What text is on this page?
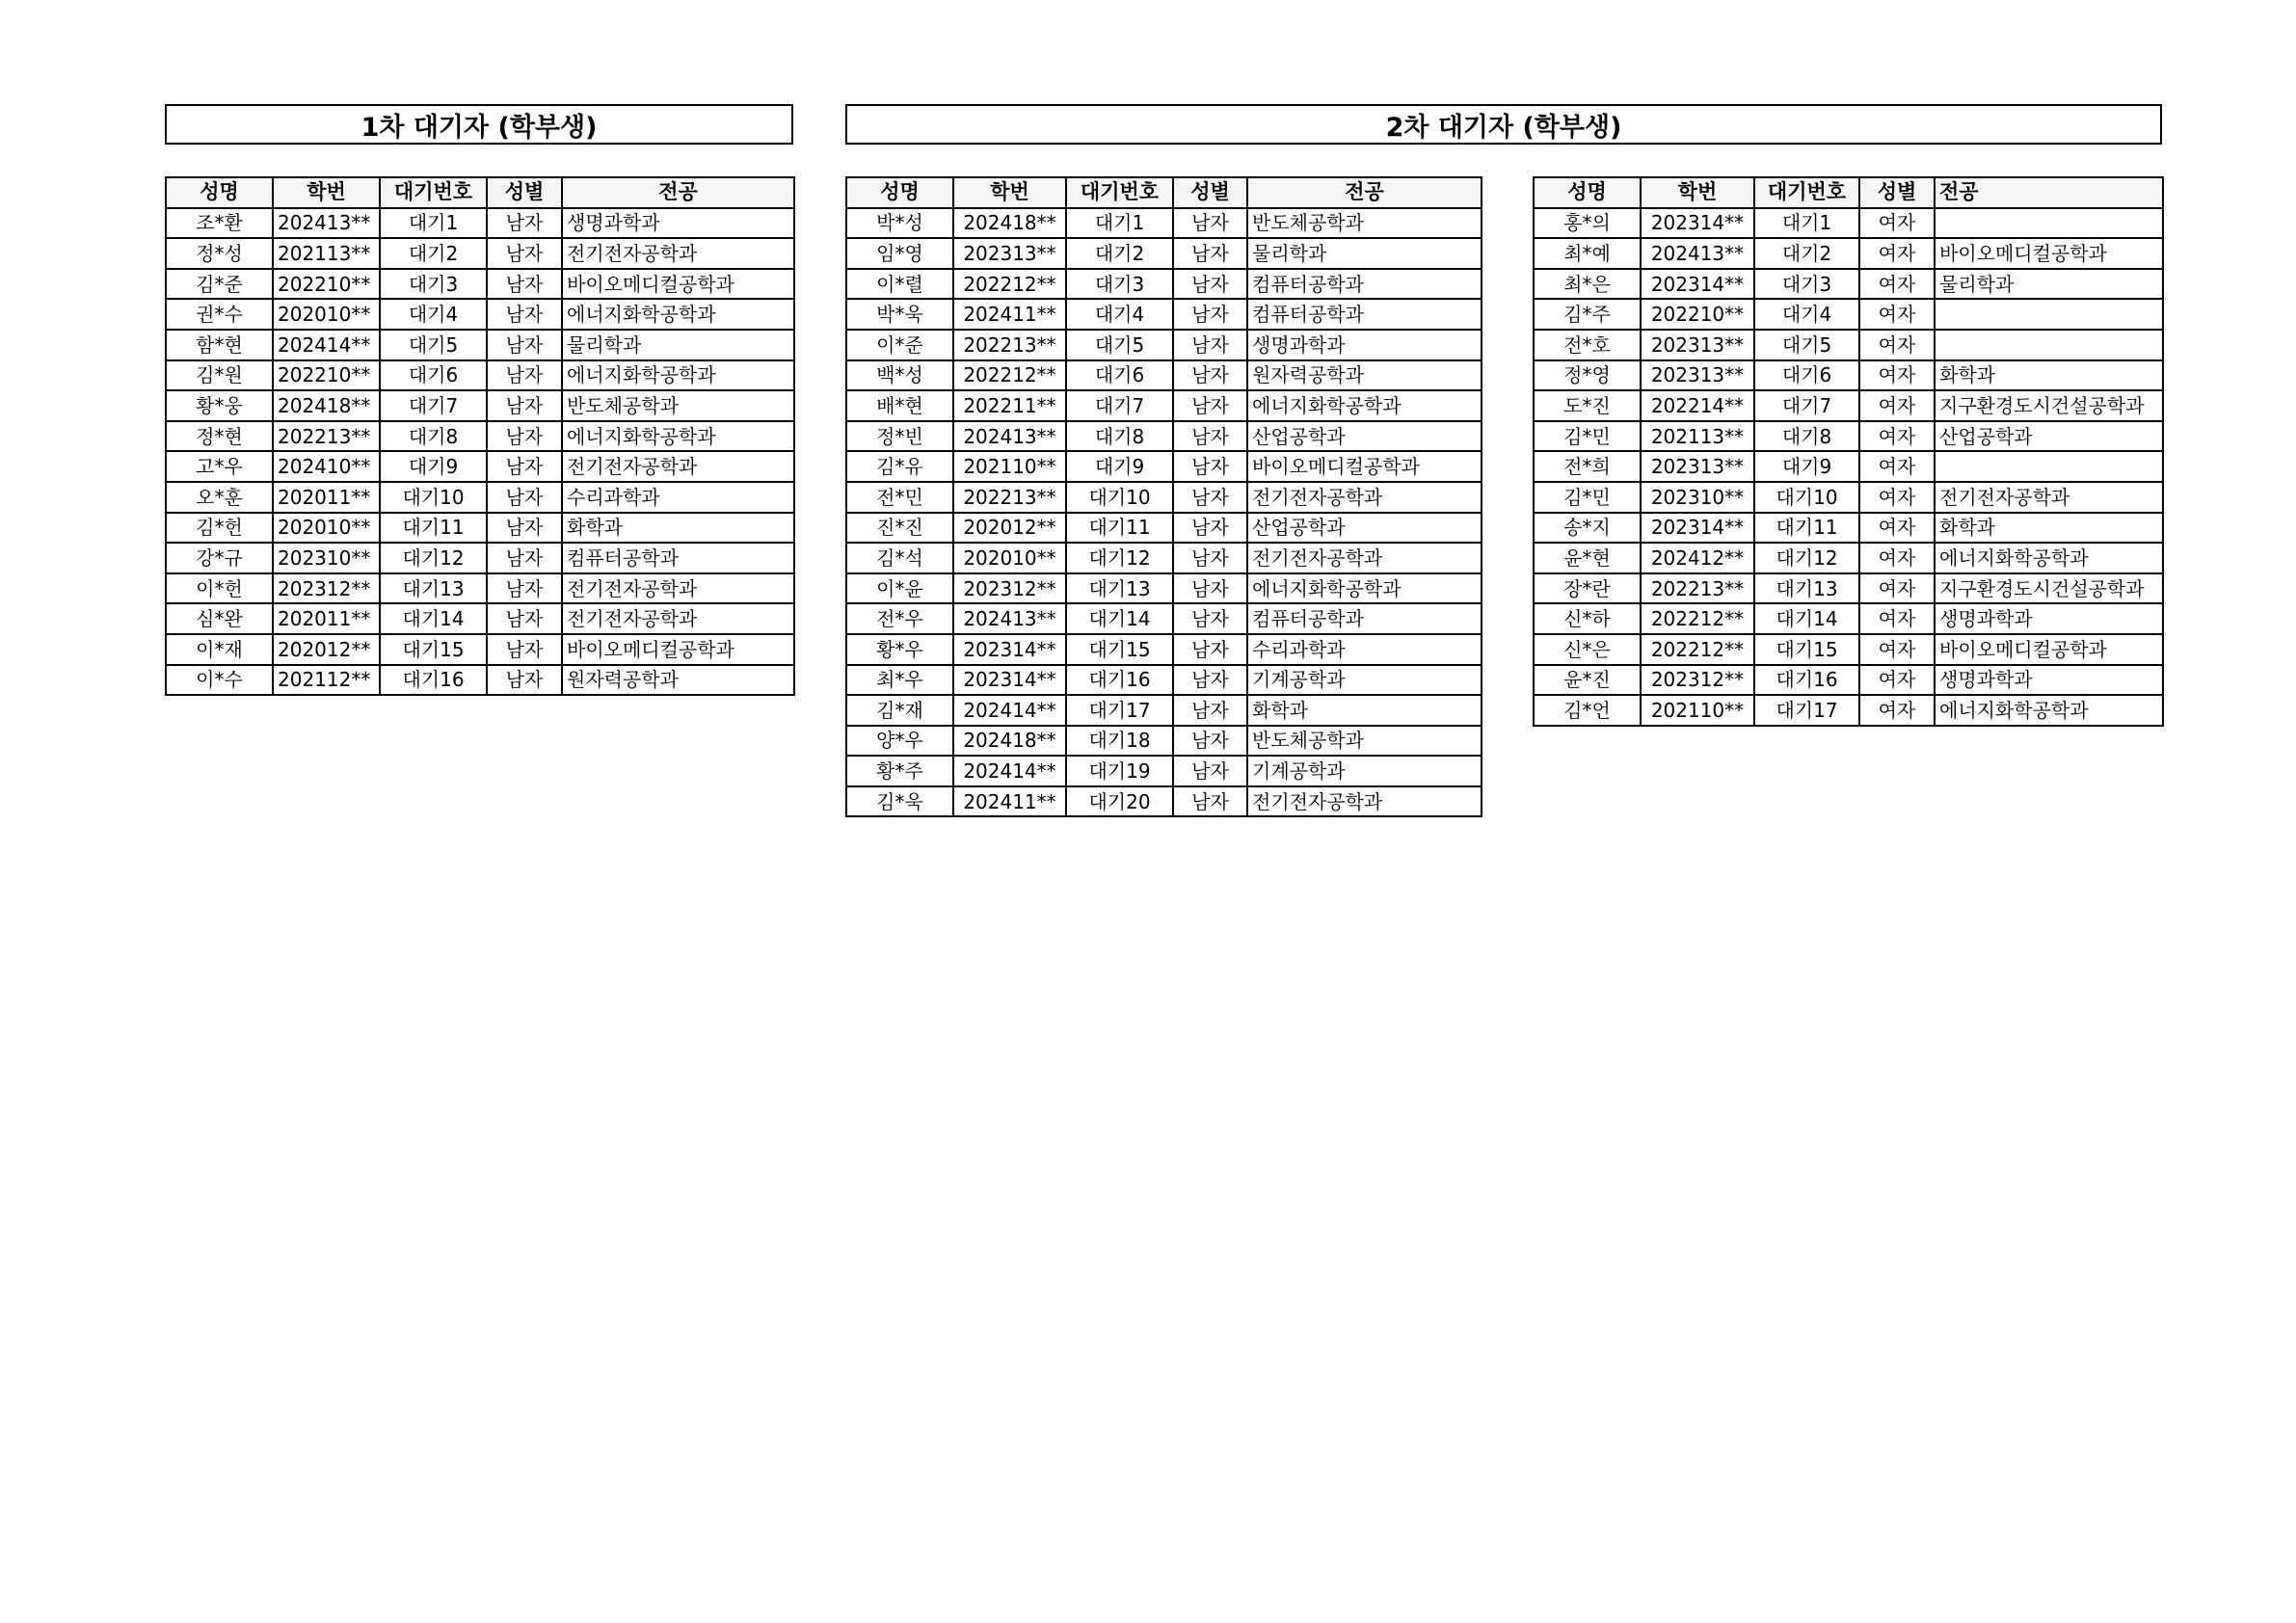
1차 대기자 (학부생)	2차 대기자 (학부생)
성명	학번	대기번호	성별	전공
조*환	202413**	대기1	남자	생명과학과
정*성	202113**	대기2	남자	전기전자공학과
김*준	202210**	대기3	남자	바이오메디컬공학과
권*수	202010**	대기4	남자	에너지화학공학과
함*현	202414**	대기5	남자	물리학과
김*원	202210**	대기6	남자	에너지화학공학과
황*웅	202418**	대기7	남자	반도체공학과
정*현	202213**	대기8	남자	에너지화학공학과
고*우	202410**	대기9	남자	전기전자공학과
오*훈	202011**	대기10	남자	수리과학과
김*헌	202010**	대기11	남자	화학과
강*규	202310**	대기12	남자	컴퓨터공학과
이*헌	202312**	대기13	남자	전기전자공학과
심*완	202011**	대기14	남자	전기전자공학과
이*재	202012**	대기15	남자	바이오메디컬공학과
이*수	202112**	대기16	남자	원자력공학과
성명	학번	대기번호	성별	전공
박*성	202418**	대기1	남자	반도체공학과
임*영	202313**	대기2	남자	물리학과
이*렬	202212**	대기3	남자	컴퓨터공학과
박*욱	202411**	대기4	남자	컴퓨터공학과
이*준	202213**	대기5	남자	생명과학과
백*성	202212**	대기6	남자	원자력공학과
배*현	202211**	대기7	남자	에너지화학공학과
정*빈	202413**	대기8	남자	산업공학과
김*유	202110**	대기9	남자	바이오메디컬공학과
전*민	202213**	대기10	남자	전기전자공학과
진*진	202012**	대기11	남자	산업공학과
김*석	202010**	대기12	남자	전기전자공학과
이*윤	202312**	대기13	남자	에너지화학공학과
전*우	202413**	대기14	남자	컴퓨터공학과
황*우	202314**	대기15	남자	수리과학과
최*우	202314**	대기16	남자	기계공학과
김*재	202414**	대기17	남자	화학과
양*우	202418**	대기18	남자	반도체공학과
황*주	202414**	대기19	남자	기계공학과
김*욱	202411**	대기20	남자	전기전자공학과
성명	학번	대기번호	성별	전공
홍*의	202314**	대기1	여자	
최*예	202413**	대기2	여자	바이오메디컬공학과
최*은	202314**	대기3	여자	물리학과
김*주	202210**	대기4	여자	
전*호	202313**	대기5	여자	
정*영	202313**	대기6	여자	화학과
도*진	202214**	대기7	여자	지구환경도시건설공학과
김*민	202113**	대기8	여자	산업공학과
전*희	202313**	대기9	여자	
김*민	202310**	대기10	여자	전기전자공학과
송*지	202314**	대기11	여자	화학과
윤*현	202412**	대기12	여자	에너지화학공학과
장*란	202213**	대기13	여자	지구환경도시건설공학과
신*하	202212**	대기14	여자	생명과학과
신*은	202212**	대기15	여자	바이오메디컬공학과
윤*진	202312**	대기16	여자	생명과학과
김*언	202110**	대기17	여자	에너지화학공학과
